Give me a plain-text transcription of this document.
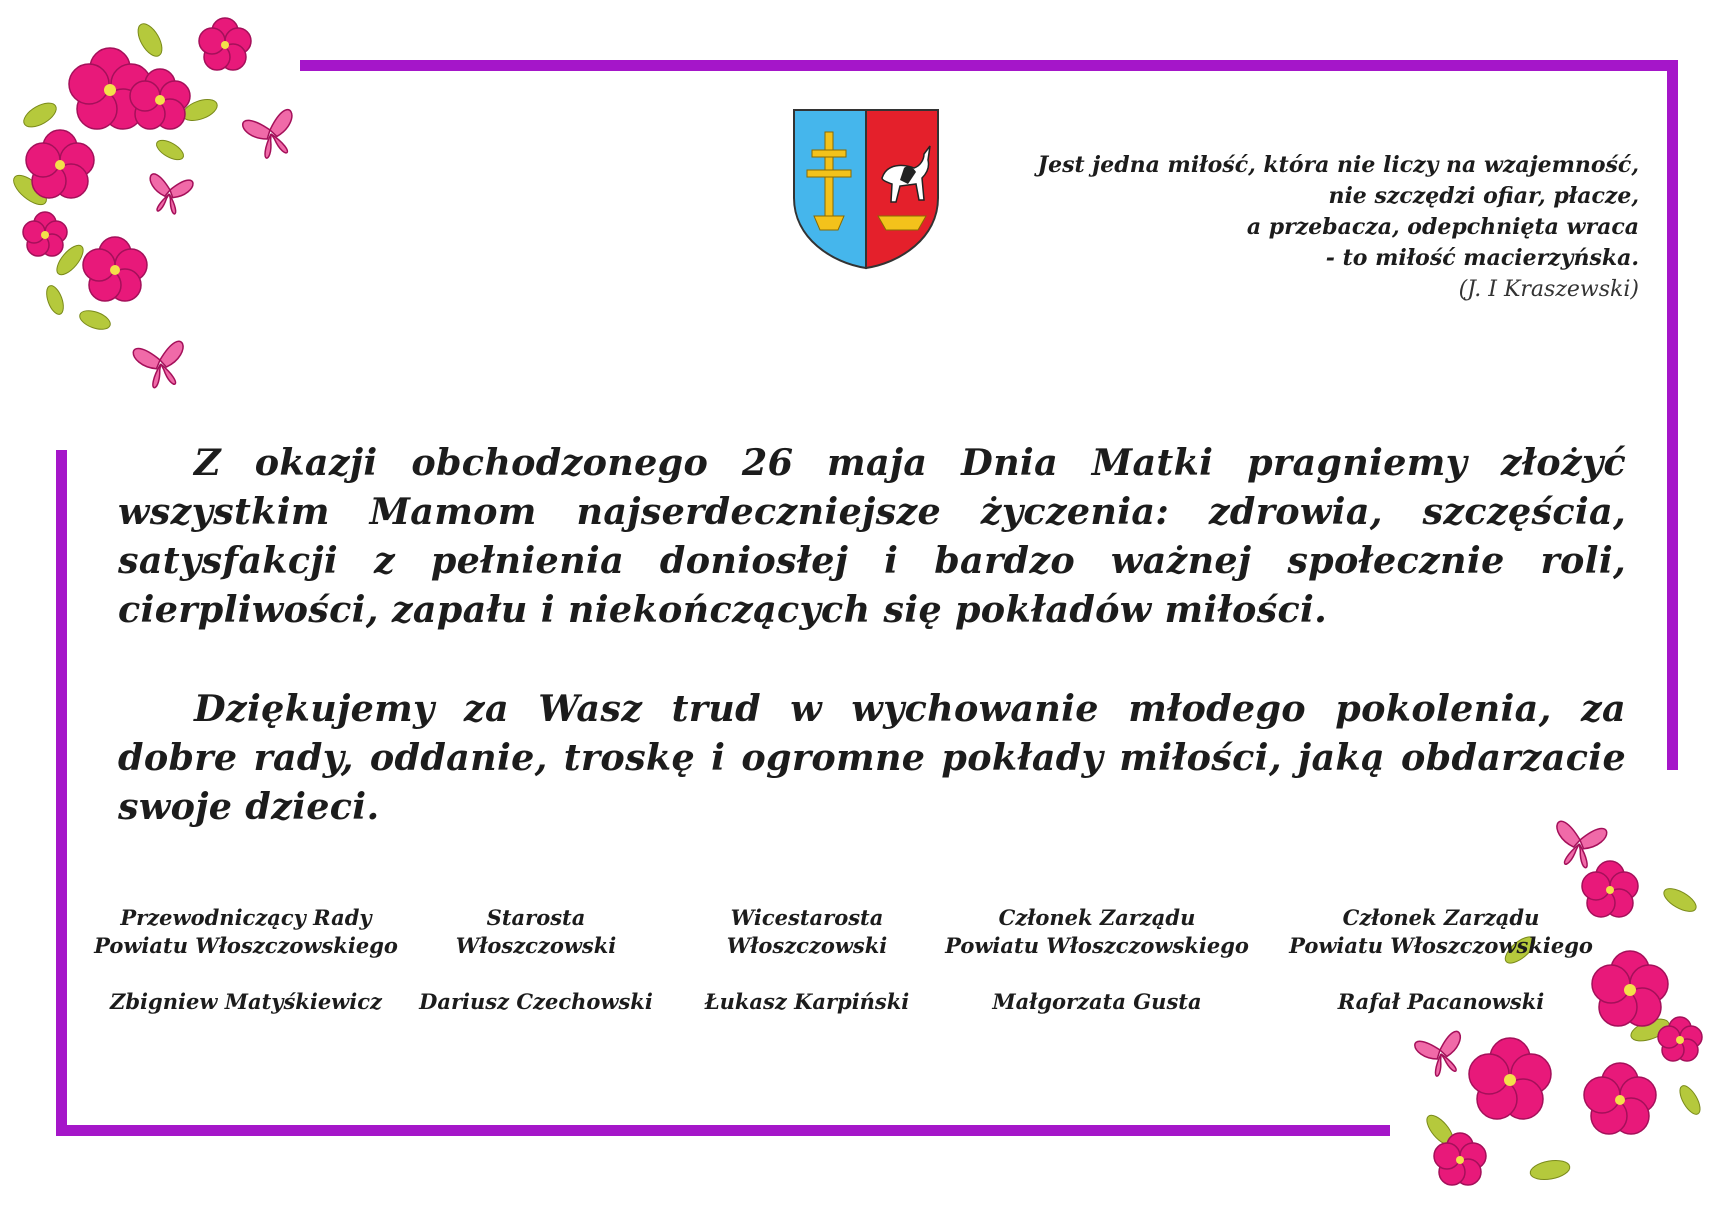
Jest jedna miłość, która nie liczy na wzajemność,
nie szczędzi ofiar, płacze,
a przebacza, odepchnięta wraca
- to miłość macierzyńska.
(J. I Kraszewski)

Z okazji obchodzonego 26 maja Dnia Matki pragniemy złożyć wszystkim Mamom najserdeczniejsze życzenia: zdrowia, szczęścia, satysfakcji z pełnienia doniosłej i bardzo ważnej społecznie roli, cierpliwości, zapału i niekończących się pokładów miłości.

Dziękujemy za Wasz trud w wychowanie młodego pokolenia, za dobre rady, oddanie, troskę i ogromne pokłady miłości, jaką obdarzacie swoje dzieci.

Przewodniczący Rady
Powiatu Włoszczowskiego
Zbigniew Matyśkiewicz
Starosta
Włoszczowski
Dariusz Czechowski
Wicestarosta
Włoszczowski
Łukasz Karpiński
Członek Zarządu
Powiatu Włoszczowskiego
Małgorzata Gusta
Członek Zarządu
Powiatu Włoszczowskiego
Rafał Pacanowski
